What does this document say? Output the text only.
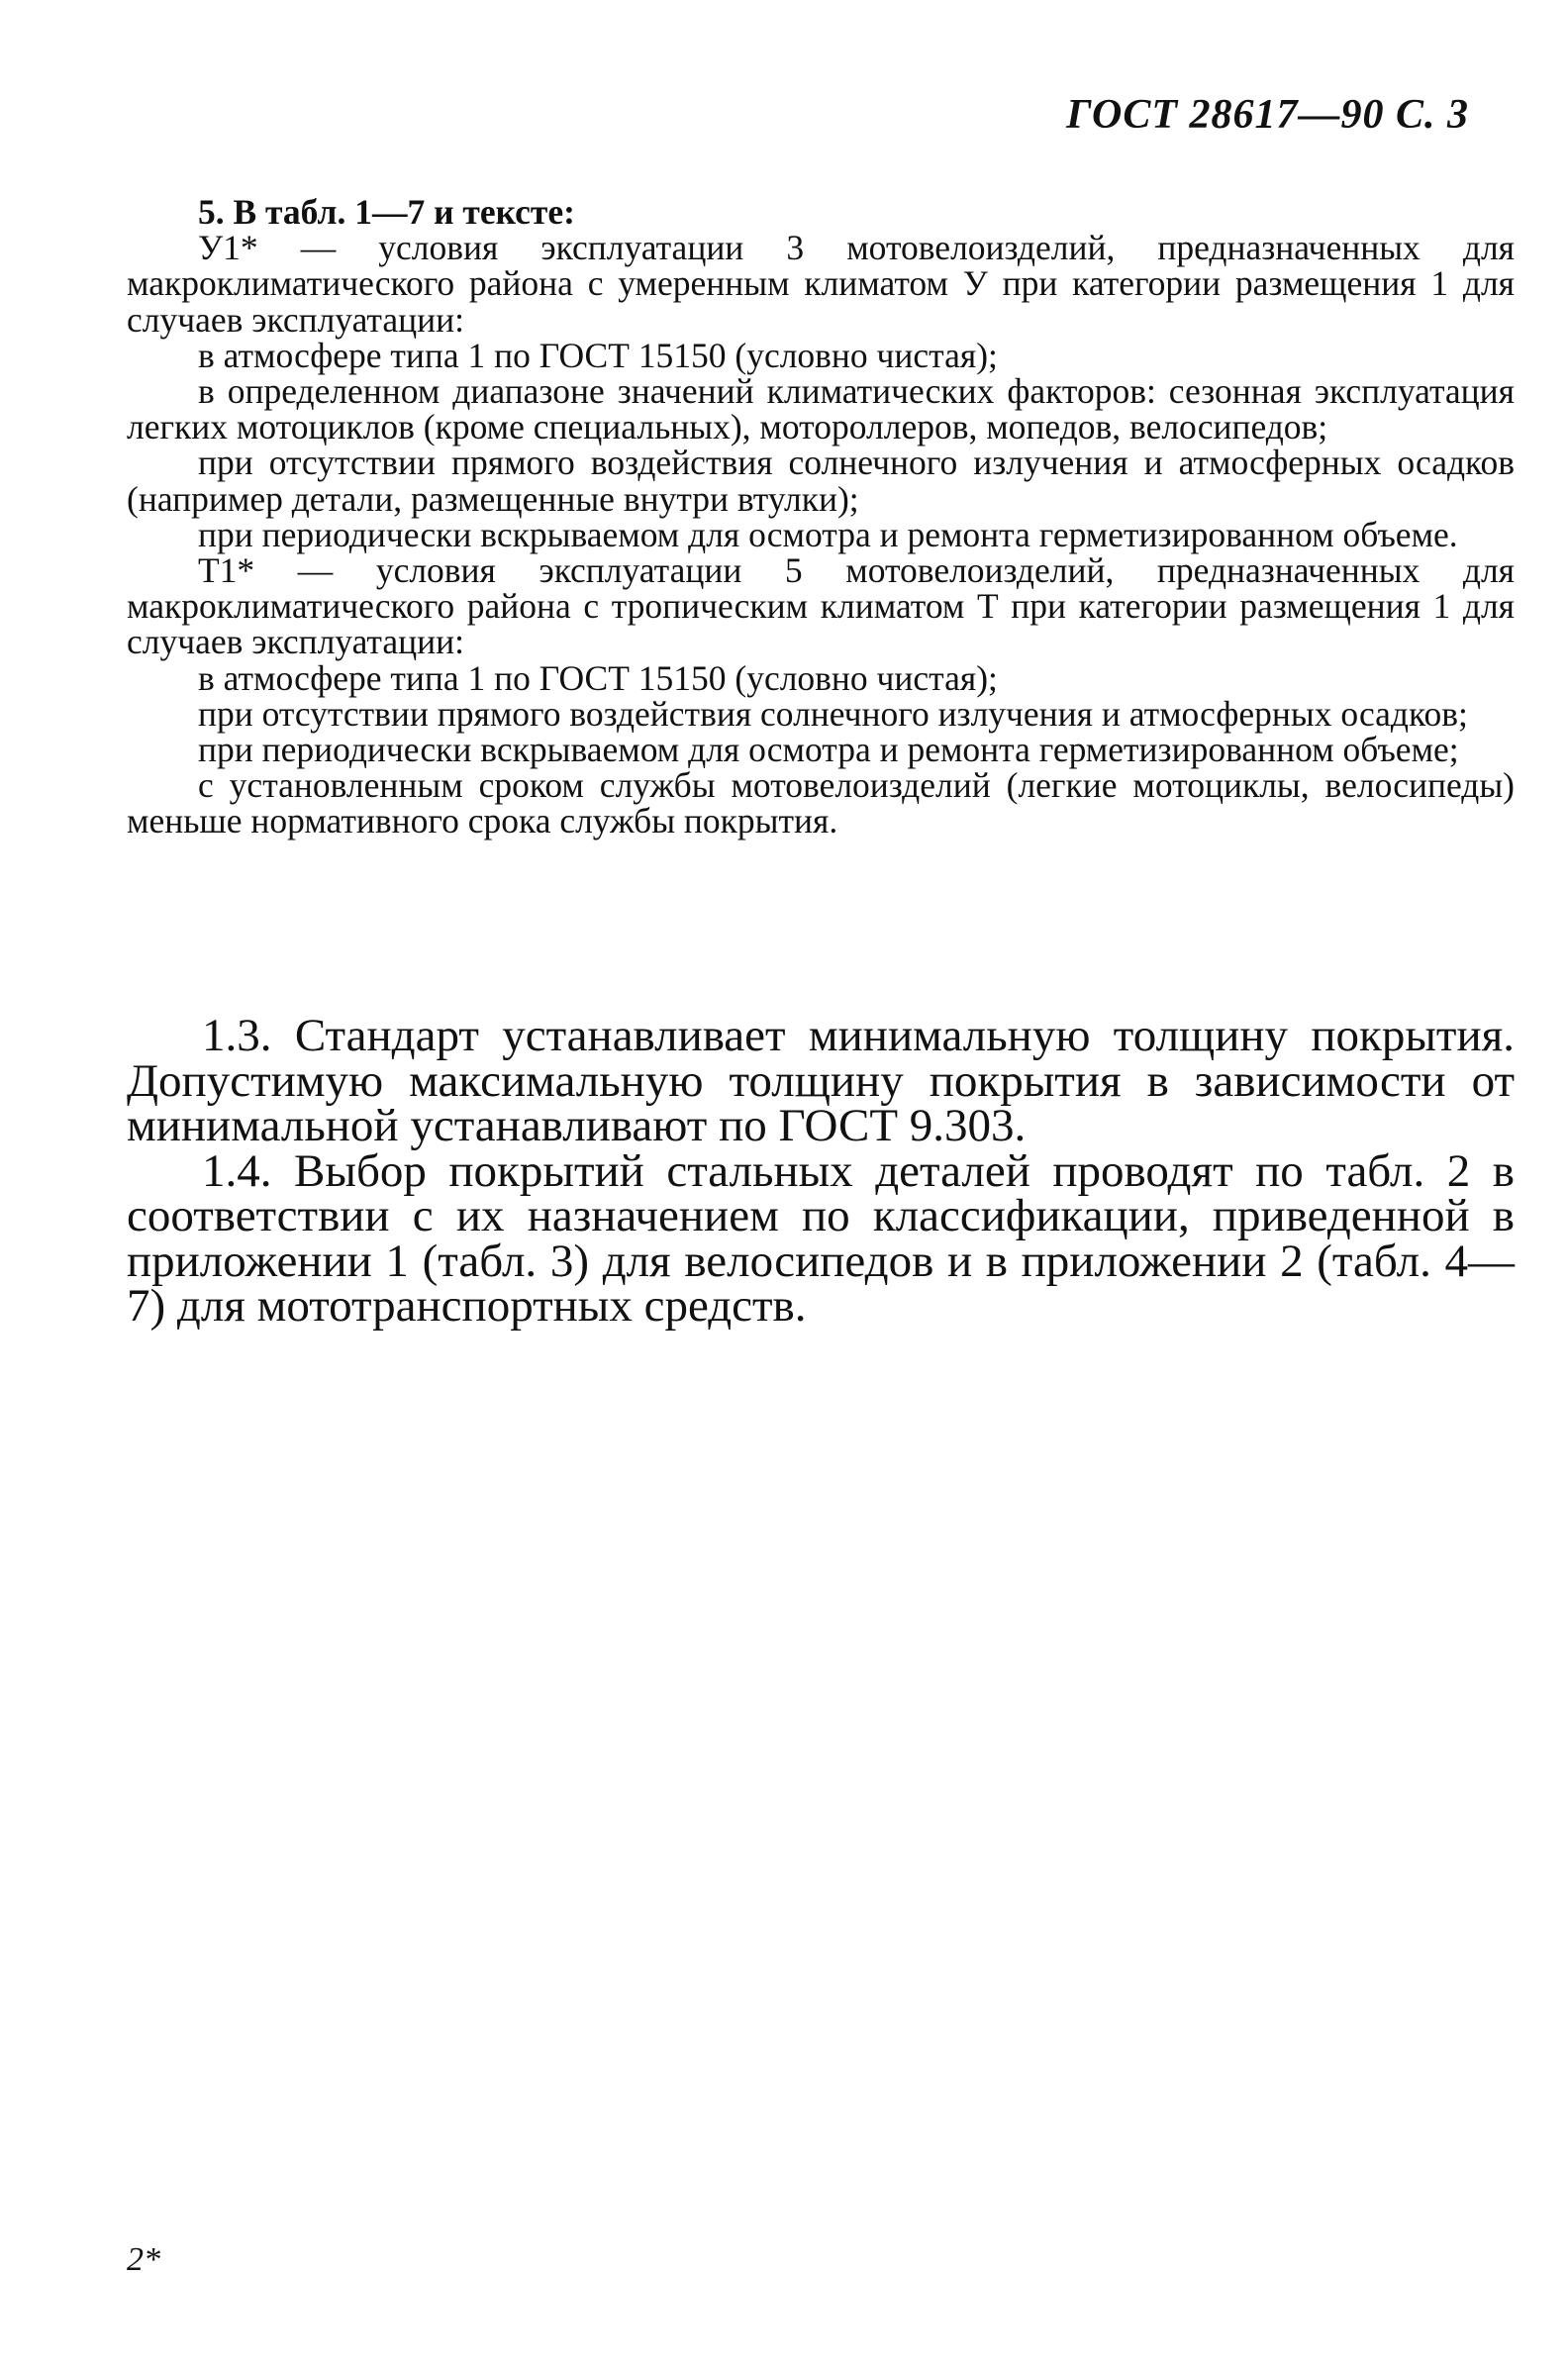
ГОСТ 28617—90 С. 3

5. В табл. 1—7 и тексте:

У1* — условия эксплуатации 3 мотовелоизделий, предназначенных для макроклиматического района с умеренным климатом У при категории размещения 1 для случаев эксплуатации:

в атмосфере типа 1 по ГОСТ 15150 (условно чистая);

в определенном диапазоне значений климатических факторов: сезонная эксплуатация легких мотоциклов (кроме специальных), мотороллеров, мопедов, велосипедов;

при отсутствии прямого воздействия солнечного излучения и атмосферных осадков (например детали, размещенные внутри втулки);

при периодически вскрываемом для осмотра и ремонта герметизированном объеме.

Т1* — условия эксплуатации 5 мотовелоизделий, предназначенных для макроклиматического района с тропическим климатом Т при категории размещения 1 для случаев эксплуатации:

в атмосфере типа 1 по ГОСТ 15150 (условно чистая);

при отсутствии прямого воздействия солнечного излучения и атмосферных осадков;

при периодически вскрываемом для осмотра и ремонта герметизированном объеме;

с установленным сроком службы мотовелоизделий (легкие мотоциклы, велосипеды) меньше нормативного срока службы покрытия.

1.3. Стандарт устанавливает минимальную толщину покрытия. Допустимую максимальную толщину покрытия в зависимости от минимальной устанавливают по ГОСТ 9.303.

1.4. Выбор покрытий стальных деталей проводят по табл. 2 в соответствии с их назначением по классификации, приведенной в приложении 1 (табл. 3) для велосипедов и в приложении 2 (табл. 4—7) для мототранспортных средств.

2*
